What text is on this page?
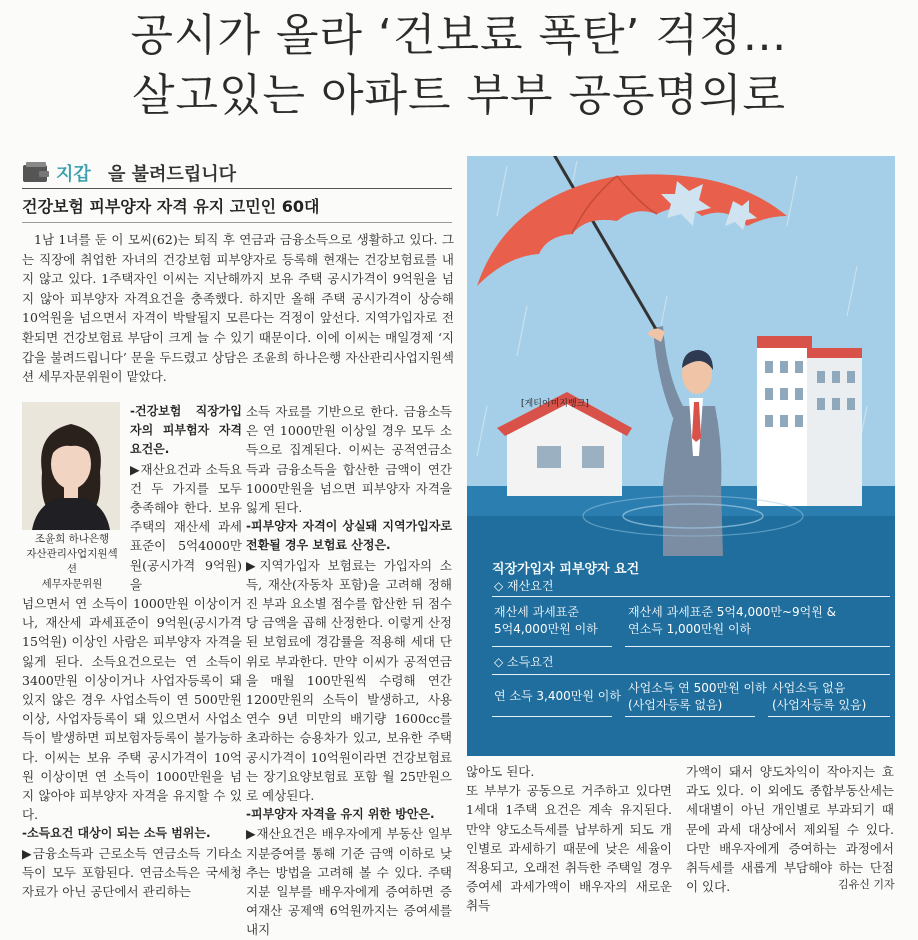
공시가 올라 ‘건보료 폭탄’ 걱정…
살고있는 아파트 부부 공동명의로
지갑 을 불려드립니다
건강보험 피부양자 자격 유지 고민인 60대

1남 1녀를 둔 이 모씨(62)는 퇴직 후 연금과 금융소득으로 생활하고 있다. 그는 직장에 취업한 자녀의 건강보험 피부양자로 등록해 현재는 건강보험료를 내지 않고 있다. 1주택자인 이씨는 지난해까지 보유 주택 공시가격이 9억원을 넘지 않아 피부양자 자격요건을 충족했다. 하지만 올해 주택 공시가격이 상승해 10억원을 넘으면서 자격이 박탈될지 모른다는 걱정이 앞선다. 지역가입자로 전환되면 건강보험료 부담이 크게 늘 수 있기 때문이다. 이에 이씨는 매일경제 ‘지갑을 불려드립니다’ 문을 두드렸고 상담은 조윤희 하나은행 자산관리사업지원섹션 세무자문위원이 맡았다.

조윤희 하나은행
자산관리사업지원섹션
세무자문위원

-건강보험 직장가입자의 피부험자 자격 요건은.

▶재산요건과 소득요건 두 가지를 모두 충족해야 한다. 보유 주택의 재산세 과세표준이 5억4000만원(공시가격 9억원)을

넘으면서 연 소득이 1000만원 이상이거나, 재산세 과세표준이 9억원(공시가격 15억원) 이상인 사람은 피부양자 자격을 잃게 된다. 소득요건으로는 연 소득이 3400만원 이상이거나 사업자등록이 돼 있지 않은 경우 사업소득이 연 500만원 이상, 사업자등록이 돼 있으면서 사업소득이 발생하면 피보험자등록이 불가능하다. 이씨는 보유 주택 공시가격이 10억원 이상이면 연 소득이 1000만원을 넘지 않아야 피부양자 자격을 유지할 수 있다.

-소득요건 대상이 되는 소득 범위는.

▶금융소득과 근로소득 연금소득 기타소득이 모두 포함된다. 연금소득은 국세청 자료가 아닌 공단에서 관리하는

소득 자료를 기반으로 한다. 금융소득은 연 1000만원 이상일 경우 모두 소득으로 집계된다. 이씨는 공적연금소득과 금융소득을 합산한 금액이 연간 1000만원을 넘으면 피부양자 자격을 잃게 된다.

-피부양자 자격이 상실돼 지역가입자로 전환될 경우 보험료 산정은.

▶지역가입자 보험료는 가입자의 소득, 재산(자동차 포함)을 고려해 정해진 부과 요소별 점수를 합산한 뒤 점수당 금액을 곱해 산정한다. 이렇게 산정된 보험료에 경감률을 적용해 세대 단위로 부과한다. 만약 이씨가 공적연금을 매월 100만원씩 수령해 연간 1200만원의 소득이 발생하고, 사용 연수 9년 미만의 배기량 1600cc를 초과하는 승용차가 있고, 보유한 주택 공시가격이 10억원이라면 건강보험료는 장기요양보험료 포함 월 25만원으로 예상된다.

-피부양자 자격을 유지 위한 방안은.

▶재산요건은 배우자에게 부동산 일부 지분증여를 통해 기준 금액 이하로 낮추는 방법을 고려해 볼 수 있다. 주택 지분 일부를 배우자에게 증여하면 증여재산 공제액 6억원까지는 증여세를 내지

[게티이미지뱅크]
직장가입자 피부양자 요건
◇ 재산요건
재산세 과세표준
5억4,000만원 이하
재산세 과세표준 5억4,000만~9억원 &
연소득 1,000만원 이하
◇ 소득요건
연 소득 3,400만원 이하
사업소득 연 500만원 이하
(사업자등록 없음)
사업소득 없음
(사업자등록 있음)
않아도 된다.
또 부부가 공동으로 거주하고 있다면 1세대 1주택 요건은 계속 유지된다. 만약 양도소득세를 납부하게 되도 개인별로 과세하기 때문에 낮은 세율이 적용되고, 오래전 취득한 주택일 경우 증여세 과세가액이 배우자의 새로운 취득

가액이 돼서 양도차익이 작아지는 효과도 있다. 이 외에도 종합부동산세는 세대별이 아닌 개인별로 부과되기 때문에 과세 대상에서 제외될 수 있다. 다만 배우자에게 증여하는 과정에서 취득세를 새롭게 부담해야 하는 단점이 있다.	김유신 기자
